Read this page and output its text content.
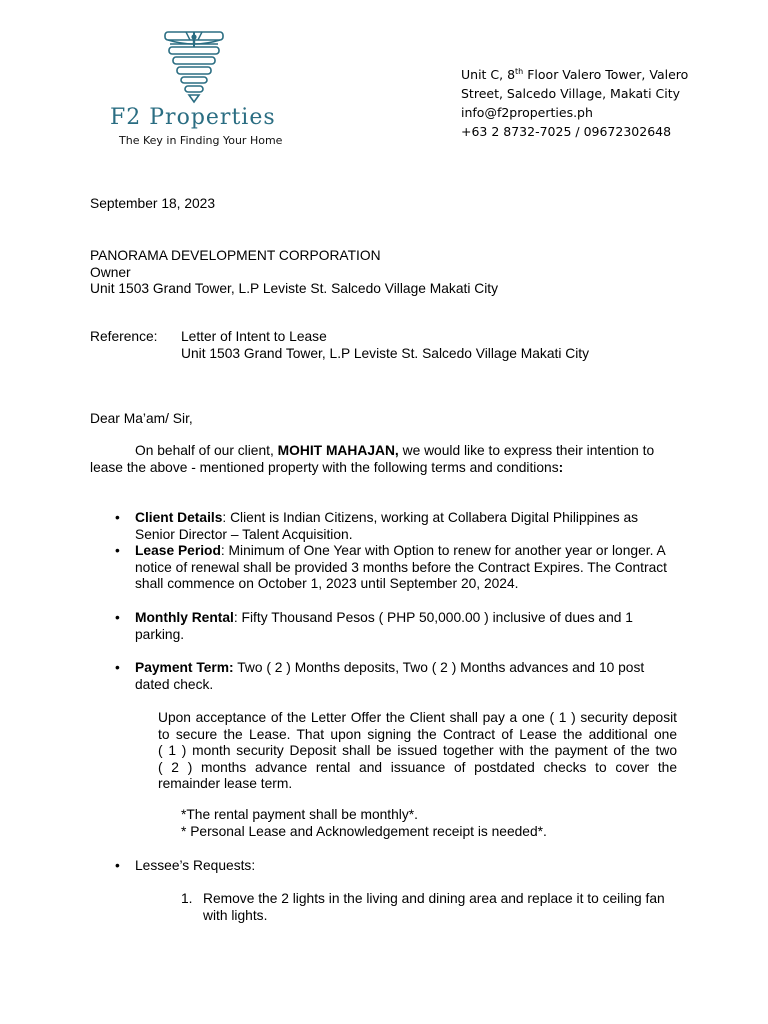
F2 Properties
The Key in Finding Your Home
Unit C, 8th Floor Valero Tower, Valero
Street, Salcedo Village, Makati City
info@f2properties.ph
+63 2 8732-7025 / 09672302648
September 18, 2023
PANORAMA DEVELOPMENT CORPORATION
Owner
Unit 1503 Grand Tower, L.P Leviste St. Salcedo Village Makati City
Reference: Letter of Intent to Lease
Unit 1503 Grand Tower, L.P Leviste St. Salcedo Village Makati City
Dear Ma’am/ Sir,
On behalf of our client, MOHIT MAHAJAN, we would like to express their intention to
lease the above - mentioned property with the following terms and conditions:
• Client Details: Client is Indian Citizens, working at Collabera Digital Philippines as
Senior Director – Talent Acquisition.
• Lease Period: Minimum of One Year with Option to renew for another year or longer. A
notice of renewal shall be provided 3 months before the Contract Expires. The Contract
shall commence on October 1, 2023 until September 20, 2024.
• Monthly Rental: Fifty Thousand Pesos ( PHP 50,000.00 ) inclusive of dues and 1
parking.
• Payment Term: Two ( 2 ) Months deposits, Two ( 2 ) Months advances and 10 post
dated check.
Upon acceptance of the Letter Offer the Client shall pay a one ( 1 ) security deposit
to secure the Lease. That upon signing the Contract of Lease the additional one
( 1 ) month security Deposit shall be issued together with the payment of the two
( 2 ) months advance rental and issuance of postdated checks to cover the
remainder lease term.
*The rental payment shall be monthly*.
* Personal Lease and Acknowledgement receipt is needed*.
• Lessee’s Requests:
1. Remove the 2 lights in the living and dining area and replace it to ceiling fan
with lights.
